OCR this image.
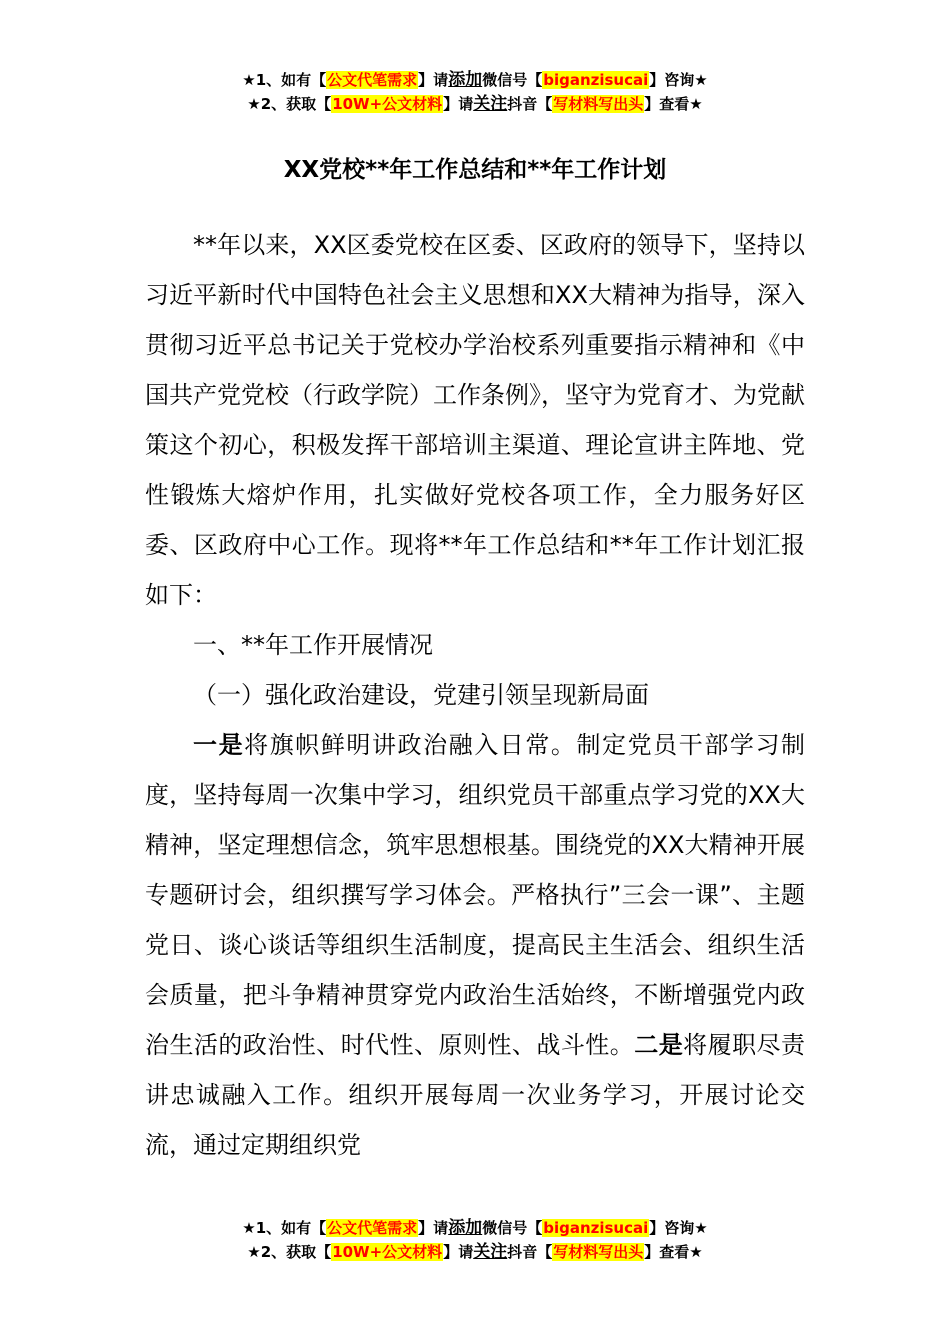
★1、如有【公文代笔需求】请添加微信号【biganzisucai】咨询★
★2、获取【10W+公文材料】请关注抖音【写材料写出头】查看★
XX党校**年工作总结和**年工作计划

**年以来，XX区委党校在区委、区政府的领导下，坚持以习近平新时代中国特色社会主义思想和XX大精神为指导，深入贯彻习近平总书记关于党校办学治校系列重要指示精神和《中国共产党党校（行政学院）工作条例》，坚守为党育才、为党献策这个初心，积极发挥干部培训主渠道、理论宣讲主阵地、党性锻炼大熔炉作用，扎实做好党校各项工作，全力服务好区委、区政府中心工作。现将**年工作总结和**年工作计划汇报如下：

一、**年工作开展情况

（一）强化政治建设，党建引领呈现新局面

一是将旗帜鲜明讲政治融入日常。制定党员干部学习制度，坚持每周一次集中学习，组织党员干部重点学习党的XX大精神，坚定理想信念，筑牢思想根基。围绕党的XX大精神开展专题研讨会，组织撰写学习体会。严格执行”三会一课”、主题党日、谈心谈话等组织生活制度，提高民主生活会、组织生活会质量，把斗争精神贯穿党内政治生活始终，不断增强党内政治生活的政治性、时代性、原则性、战斗性。二是将履职尽责讲忠诚融入工作。组织开展每周一次业务学习，开展讨论交流，通过定期组织党

★1、如有【公文代笔需求】请添加微信号【biganzisucai】咨询★
★2、获取【10W+公文材料】请关注抖音【写材料写出头】查看★
